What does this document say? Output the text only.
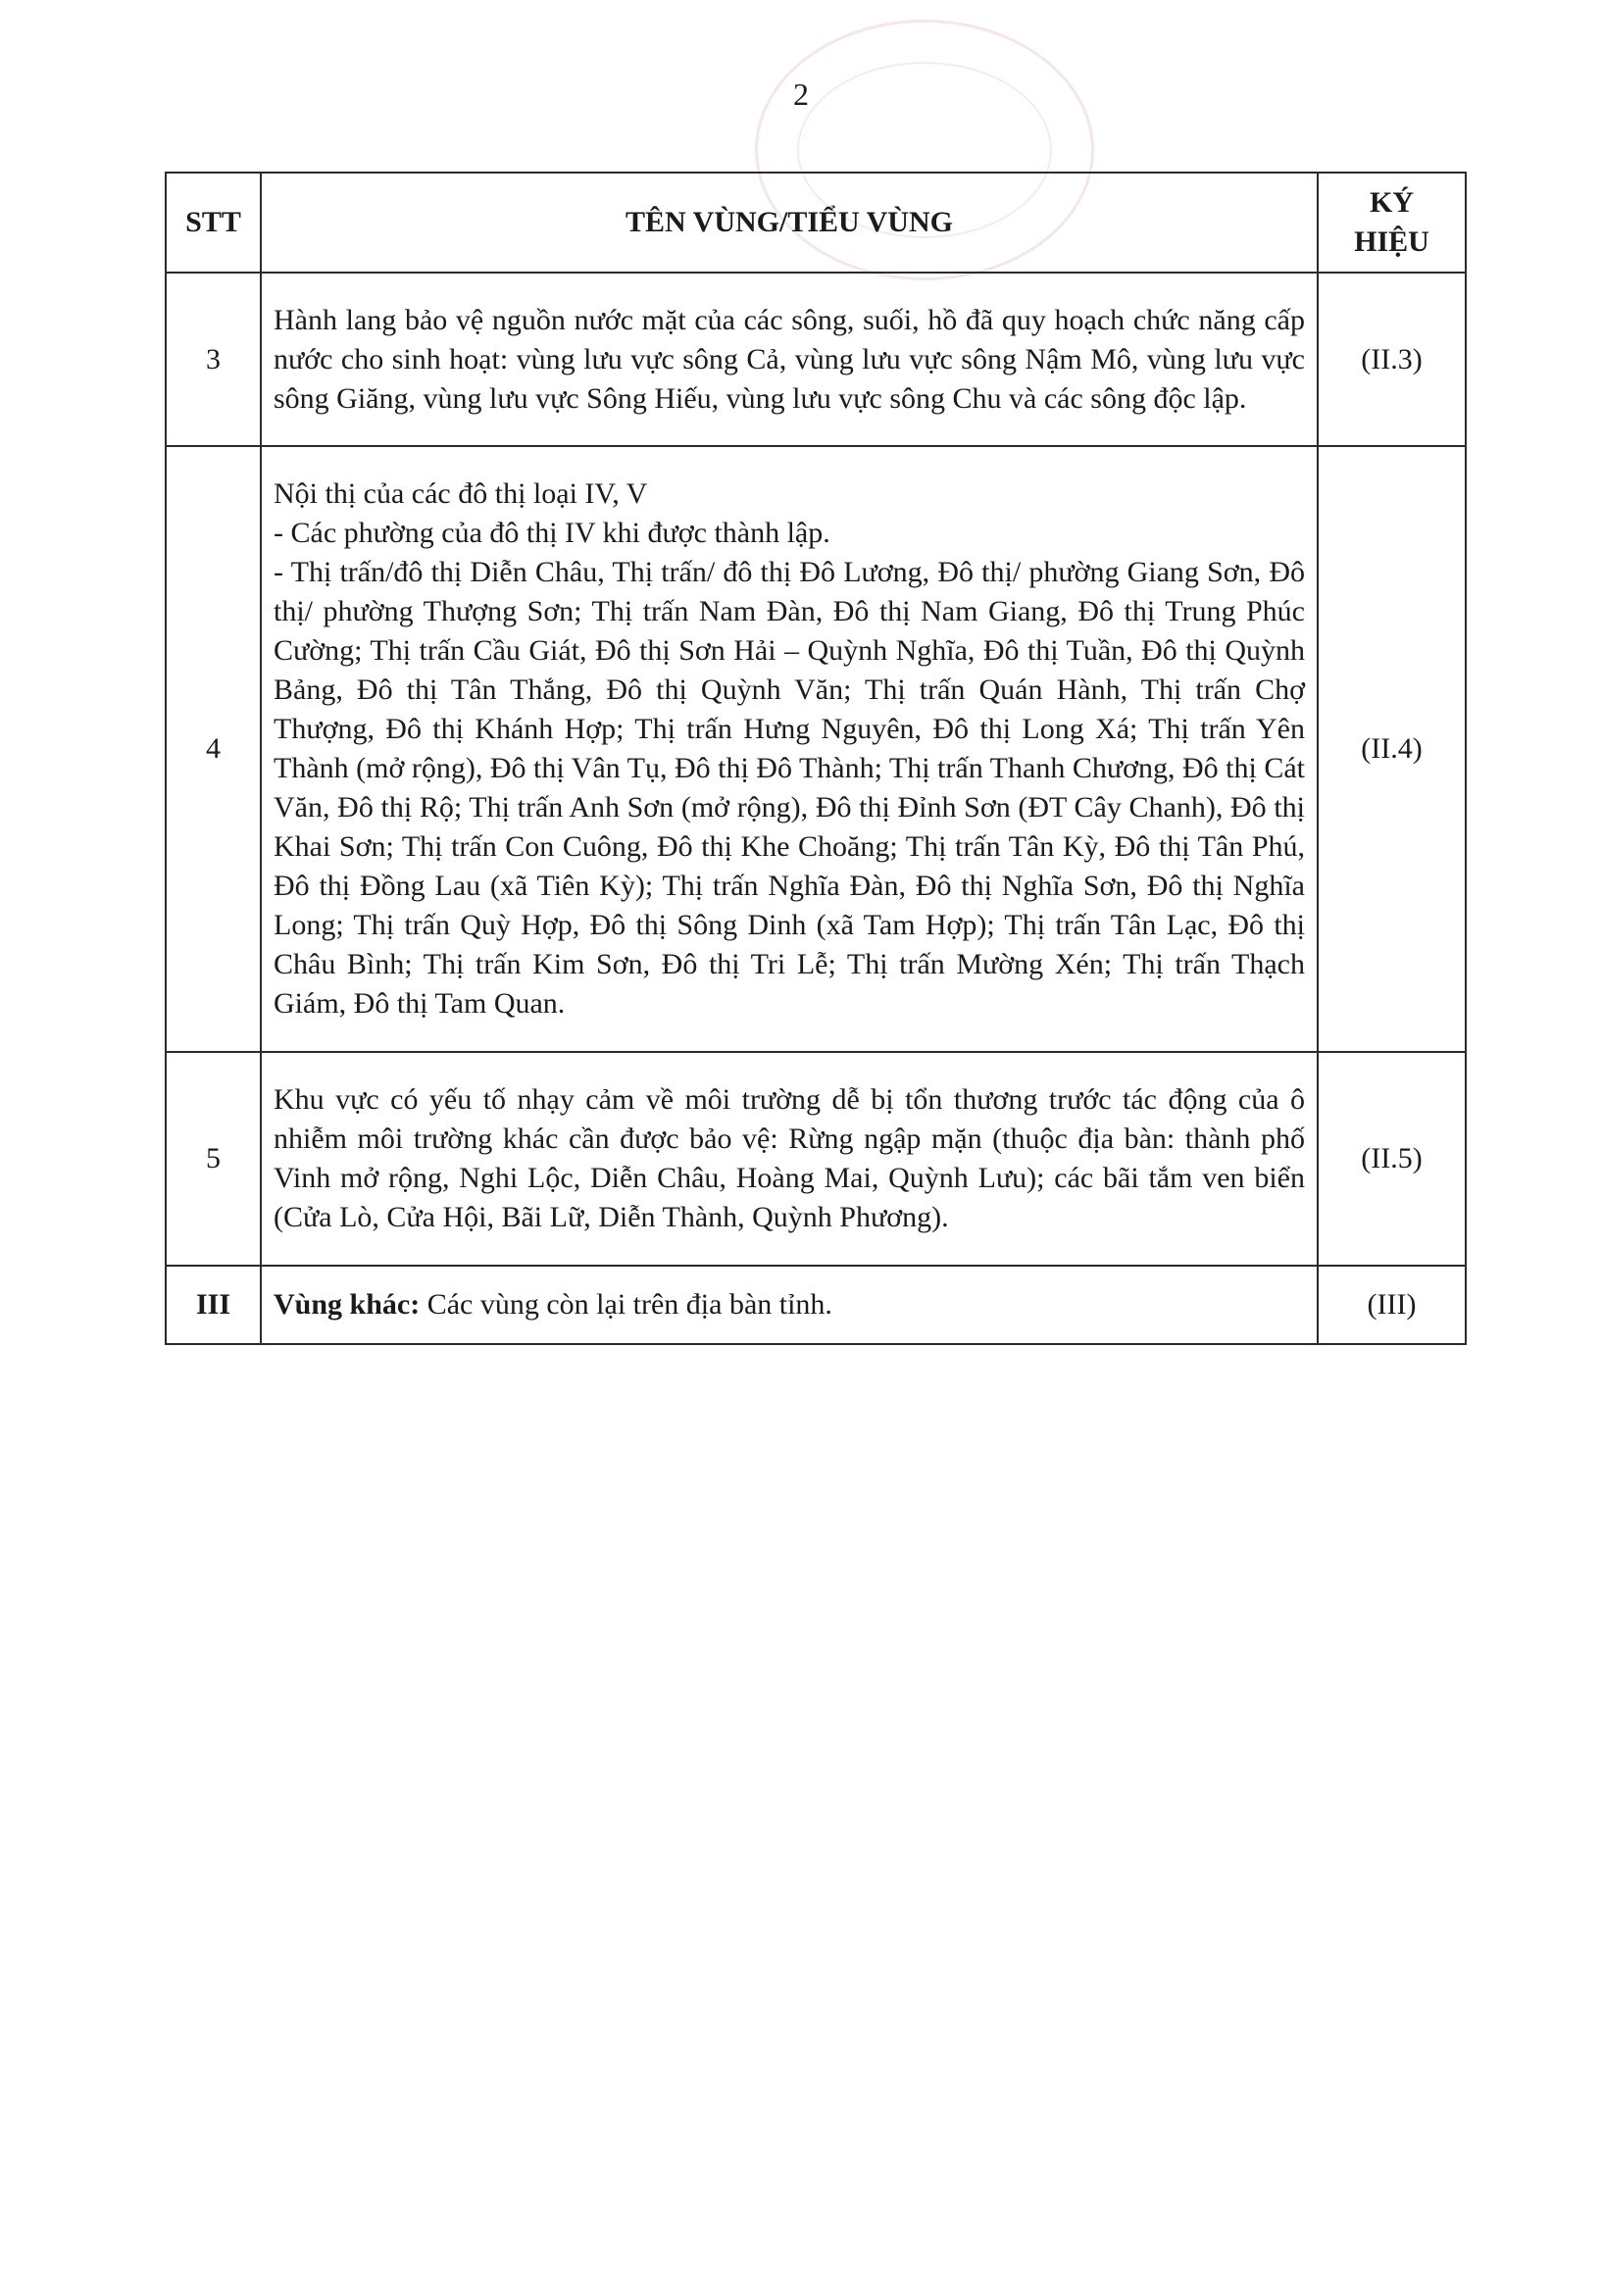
2
STT	TÊN VÙNG/TIỂU VÙNG	KÝ
HIỆU

3	Hành lang bảo vệ nguồn nước mặt của các sông, suối, hồ đã quy hoạch chức năng cấp nước cho sinh hoạt: vùng lưu vực sông Cả, vùng lưu vực sông Nậm Mô, vùng lưu vực sông Giăng, vùng lưu vực Sông Hiếu, vùng lưu vực sông Chu và các sông độc lập.	(II.3)
4	Nội thị của các đô thị loại IV, V
- Các phường của đô thị IV khi được thành lập.
- Thị trấn/đô thị Diễn Châu, Thị trấn/ đô thị Đô Lương, Đô thị/ phường Giang Sơn, Đô thị/ phường Thượng Sơn; Thị trấn Nam Đàn, Đô thị Nam Giang, Đô thị Trung Phúc Cường; Thị trấn Cầu Giát, Đô thị Sơn Hải – Quỳnh Nghĩa, Đô thị Tuần, Đô thị Quỳnh Bảng, Đô thị Tân Thắng, Đô thị Quỳnh Văn; Thị trấn Quán Hành, Thị trấn Chợ Thượng, Đô thị Khánh Hợp; Thị trấn Hưng Nguyên, Đô thị Long Xá; Thị trấn Yên Thành (mở rộng), Đô thị Vân Tụ, Đô thị Đô Thành; Thị trấn Thanh Chương, Đô thị Cát Văn, Đô thị Rộ; Thị trấn Anh Sơn (mở rộng), Đô thị Đỉnh Sơn (ĐT Cây Chanh), Đô thị Khai Sơn; Thị trấn Con Cuông, Đô thị Khe Choăng; Thị trấn Tân Kỳ, Đô thị Tân Phú, Đô thị Đồng Lau (xã Tiên Kỳ); Thị trấn Nghĩa Đàn, Đô thị Nghĩa Sơn, Đô thị Nghĩa Long; Thị trấn Quỳ Hợp, Đô thị Sông Dinh (xã Tam Hợp); Thị trấn Tân Lạc, Đô thị Châu Bình; Thị trấn Kim Sơn, Đô thị Tri Lễ; Thị trấn Mường Xén; Thị trấn Thạch Giám, Đô thị Tam Quan.	(II.4)
5	Khu vực có yếu tố nhạy cảm về môi trường dễ bị tổn thương trước tác động của ô nhiễm môi trường khác cần được bảo vệ: Rừng ngập mặn (thuộc địa bàn: thành phố Vinh mở rộng, Nghi Lộc, Diễn Châu, Hoàng Mai, Quỳnh Lưu); các bãi tắm ven biển (Cửa Lò, Cửa Hội, Bãi Lữ, Diễn Thành, Quỳnh Phương).	(II.5)
III	Vùng khác: Các vùng còn lại trên địa bàn tỉnh.	(III)
